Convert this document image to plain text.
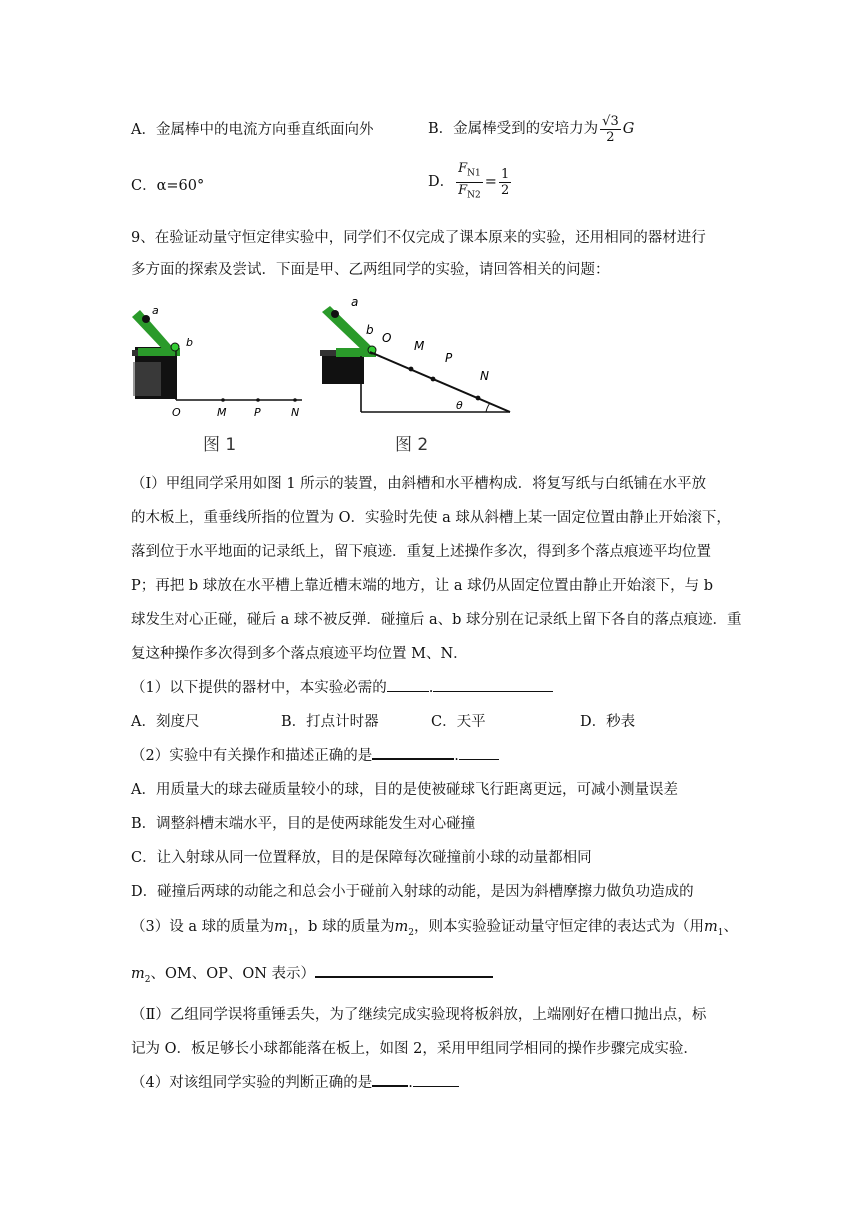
A．金属棒中的电流方向垂直纸面向外	B．金属棒受到的安培力为 $\frac{√3}{2}$ G
C．α=60°	D． $\frac{F_{N1}}{F_{N2}} = \frac{1}{2}$
9、在验证动量守恒定律实验中，同学们不仅完成了课本原来的实验，还用相同的器材进行
多方面的探索及尝试．下面是甲、乙两组同学的实验，请回答相关的问题：
a
b
O	M	P	N
图 1
a
b
O
M
P
N
θ
图 2
（Ⅰ）甲组同学采用如图 1 所示的装置，由斜槽和水平槽构成．将复写纸与白纸铺在水平放
的木板上，重垂线所指的位置为 O．实验时先使 a 球从斜槽上某一固定位置由静止开始滚下，
落到位于水平地面的记录纸上，留下痕迹．重复上述操作多次，得到多个落点痕迹平均位置
P；再把 b 球放在水平槽上靠近槽末端的地方，让 a 球仍从固定位置由静止开始滚下，与 b
球发生对心正碰，碰后 a 球不被反弹．碰撞后 a、b 球分别在记录纸上留下各自的落点痕迹．重
复这种操作多次得到多个落点痕迹平均位置 M、N．
（1）以下提供的器材中，本实验必需的	.
A．刻度尺	B．打点计时器	C．天平	D．秒表
（2）实验中有关操作和描述正确的是	.
A．用质量大的球去碰质量较小的球，目的是使被碰球飞行距离更远，可减小测量误差
B．调整斜槽末端水平，目的是使两球能发生对心碰撞
C．让入射球从同一位置释放，目的是保障每次碰撞前小球的动量都相同
D．碰撞后两球的动能之和总会小于碰前入射球的动能，是因为斜槽摩擦力做负功造成的
（3）设 a 球的质量为$m_1$，b 球的质量为$m_2$，则本实验验证动量守恒定律的表达式为（用$m_1$、
$m_2$、OM、OP、ON 表示）
（Ⅱ）乙组同学误将重锤丢失，为了继续完成实验现将板斜放，上端刚好在槽口抛出点，标
记为 O．板足够长小球都能落在板上，如图 2，采用甲组同学相同的操作步骤完成实验．
（4）对该组同学实验的判断正确的是 .
